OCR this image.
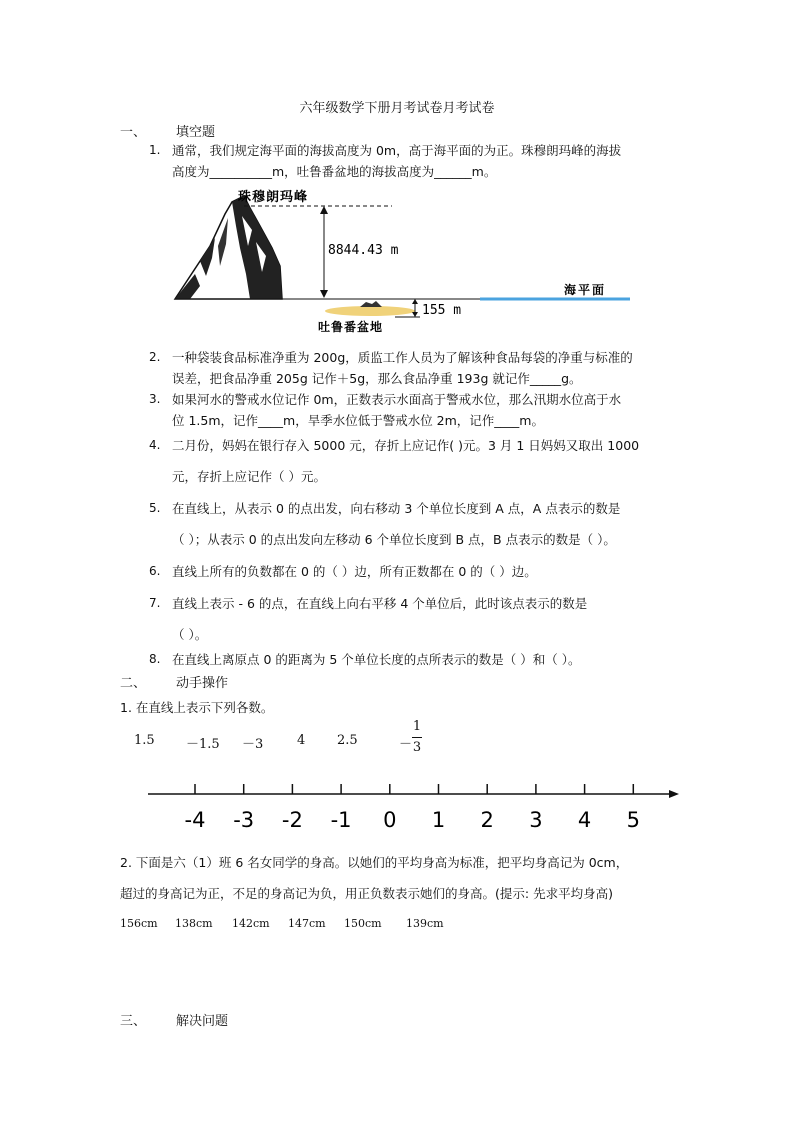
六年级数学下册月考试卷月考试卷
一、 填空题
1. 通常，我们规定海平面的海拔高度为 0m，高于海平面的为正。珠穆朗玛峰的海拔
高度为__________m，吐鲁番盆地的海拔高度为______m。
8844.43 m
珠穆朗玛峰
海平面
155 m
吐鲁番盆地
2. 一种袋装食品标准净重为 200g，质监工作人员为了解该种食品每袋的净重与标准的
误差，把食品净重 205g 记作＋5g，那么食品净重 193g 就记作_____g。
3. 如果河水的警戒水位记作 0m，正数表示水面高于警戒水位，那么汛期水位高于水
位 1.5m，记作____m，旱季水位低于警戒水位 2m，记作____m。
4. 二月份，妈妈在银行存入 5000 元，存折上应记作( )元。3 月 1 日妈妈又取出 1000
元，存折上应记作（ ）元。
5. 在直线上，从表示 0 的点出发，向右移动 3 个单位长度到 A 点，A 点表示的数是
（ ）；从表示 0 的点出发向左移动 6 个单位长度到 B 点，B 点表示的数是（ ）。
6. 直线上所有的负数都在 0 的（ ）边，所有正数都在 0 的（ ）边。
7. 直线上表示 - 6 的点，在直线上向右平移 4 个单位后，此时该点表示的数是
（ ）。
8. 在直线上离原点 0 的距离为 5 个单位长度的点所表示的数是（ ）和（ ）。
二、 动手操作
1. 在直线上表示下列各数。
1.5 －1.5 －3	4 2.5	－
1
3
-4 -3 -2 -1 0 1 2 3 4 5
2. 下面是六（1）班 6 名女同学的身高。以她们的平均身高为标准，把平均身高记为 0cm，
超过的身高记为正，不足的身高记为负，用正负数表示她们的身高。(提示: 先求平均身高)
156cm 138cm 142cm 147cm 150cm 139cm
三、 解决问题
